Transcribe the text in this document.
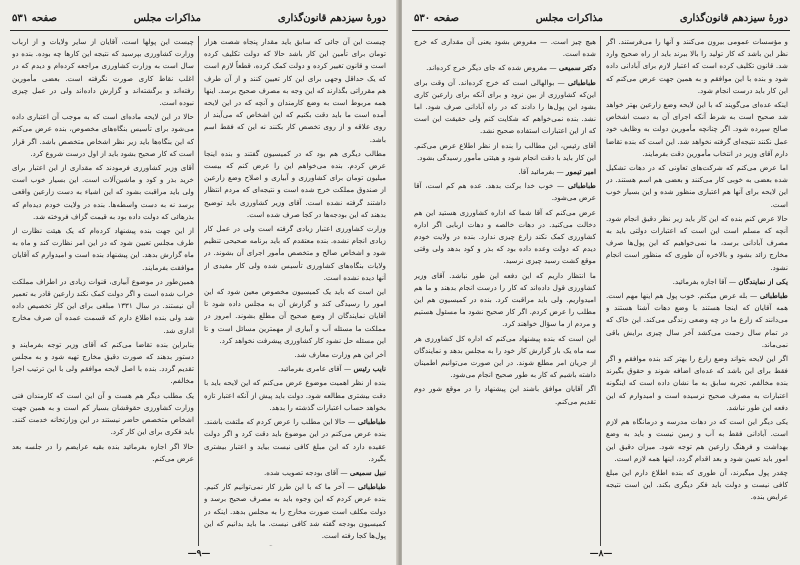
دورهٔ سیزدهم قانون‌گذاری
مذاکرات مجلس
صفحه ۵۳۱

چیست این آن جائی که سابق باید مقدار پنجاه شصت هزار تومان برای تأمین این کار باشد حالا که دولت تکلیف کرده است و قانون تغییر کرده و دولت کمک کرده، قطعاً لازم است که یک حداقل وجهی برای این کار تعیین کنند و از آن طرف هم مقرراتی بگذارند که این وجه به مصرف صحیح برسد. اینها همه مربوط است به وضع کارمندان و آنچه که در این لایحه آمده است ما باید دقت بکنیم که این اشخاص که می‌آیند از روی علاقه و از روی تخصص کار بکنند نه این که فقط اسم باشد.

مطالب دیگری هم بود که در کمیسیون گفتند و بنده اینجا عرض کردم. بنده می‌خواهم این را عرض کنم که بیست میلیون تومان برای کشاورزی و آبیاری و اصلاح وضع زارعین از صندوق مملکت خرج شده است و نتیجه‌ای که مردم انتظار داشتند گرفته نشده است. آقای وزیر کشاورزی باید توضیح بدهند که این بودجه‌ها در کجا صرف شده است.

وزارت کشاورزی اعتبار زیادی گرفته است ولی در عمل کار زیادی انجام نشده. بنده معتقدم که باید برنامه صحیحی تنظیم شود و اشخاص صالح و متخصص مأمور اجرای آن بشوند. در ولایات بنگاه‌های کشاورزی تأسیس شده ولی کار مفیدی از آنها دیده نشده است.

این است که باید یک کمیسیون مخصوص معین شود که این امور را رسیدگی کند و گزارش آن به مجلس داده شود تا آقایان نمایندگان از وضع صحیح آن مطلع بشوند. امروز در مملکت ما مسئله آب و آبیاری از مهمترین مسائل است و تا این مسئله حل نشود کار کشاورزی پیشرفت نخواهد کرد.

آخر این هم وزارت معارف شد.

نایب رئیس — آقای عامری بفرمائید.

بنده از نظر اهمیت موضوع عرض می‌کنم که این لایحه باید با دقت بیشتری مطالعه شود. دولت باید پیش از آنکه اعتبار تازه بخواهد حساب اعتبارات گذشته را بدهد.

طباطبائی — حالا این مطلب را عرض کردم که ملتفت باشند. بنده عرض می‌کنم در این موضوع باید دقت کرد و اگر دولت عقیده دارد که این مبلغ کافی نیست بیاید و اعتبار بیشتری بگیرد.

نبیل سمیعی — آقای بودجه تصویب شده.

طباطبائی — آخر ما که با این طرز کار نمی‌توانیم کار کنیم. بنده عرض کردم که این وجوه باید به مصرف صحیح برسد و دولت مکلف است صورت مخارج را به مجلس بدهد. اینکه در کمیسیون بودجه گفته شد کافی نیست. ما باید بدانیم که این پول‌ها کجا رفته است.

چیست این پولها است، آقایان از سایر ولایات و از ارباب وزارت کشاورزی بپرسید که نتیجه این کارها چه بوده. بنده دو سال است به وزارت کشاورزی مراجعه کرده‌ام و دیدم که در اغلب نقاط کاری صورت نگرفته است. بعضی مأمورین رفته‌اند و برگشته‌اند و گزارش داده‌اند ولی در عمل چیزی نبوده است.

حالا در این لایحه ماده‌ای است که به موجب آن اعتباری داده می‌شود برای تأسیس بنگاه‌های مخصوص، بنده عرض می‌کنم که این بنگاه‌ها باید زیر نظر اشخاص متخصص باشد. اگر قرار است که کار صحیح بشود باید از اول درست شروع کرد.

آقای وزیر کشاورزی فرمودند که مقداری از این اعتبار برای خرید بذر و کود و ماشین‌آلات است. این بسیار خوب است ولی باید مراقبت بشود که این اشیاء به دست زارعین واقعی برسد نه به دست واسطه‌ها. بنده در ولایت خودم دیده‌ام که بذرهائی که دولت داده بود به قیمت گزاف فروخته شد.

از این جهت بنده پیشنهاد کرده‌ام که یک هیئت نظارت از طرف مجلس تعیین شود که در این امر نظارت کند و ماه به ماه گزارش بدهد. این پیشنهاد بنده است و امیدوارم که آقایان موافقت بفرمایند.

همین‌طور در موضوع آبیاری، قنوات زیادی در اطراف مملکت خراب شده است و اگر دولت کمک نکند زارعین قادر به تعمیر آن نیستند. در سال ۱۳۳۱ مبلغی برای این کار تخصیص داده شد ولی بنده اطلاع دارم که قسمت عمده آن صرف مخارج اداری شد.

بنابراین بنده تقاضا می‌کنم که آقای وزیر توجه بفرمایند و دستور بدهند که صورت دقیق مخارج تهیه شود و به مجلس تقدیم گردد. بنده با اصل لایحه موافقم ولی با این ترتیب اجرا مخالفم.

یک مطلب دیگر هم هست و آن این است که کارمندان فنی وزارت کشاورزی حقوقشان بسیار کم است و به همین جهت اشخاص متخصص حاضر نیستند در این وزارتخانه خدمت کنند. باید فکری برای این کار کرد.

حالا اگر اجازه بفرمائید بنده بقیه عرایضم را در جلسه بعد عرض می‌کنم.

—۹—
دورهٔ سیزدهم قانون‌گذاری
مذاکرات مجلس
صفحه ۵۳۰

و مؤسسات عمومی بیرون می‌کنند و آنها را می‌فرستند. اگر نظر این باشد که کار تولید را بالا ببرند باید از راه صحیح وارد شد. قانون تکلیف کرده است که اعتبار لازم برای آبادانی داده شود و بنده با این موافقم و به همین جهت عرض می‌کنم که این کار باید درست انجام شود.

اینکه عده‌ای می‌گویند که با این لایحه وضع زارعین بهتر خواهد شد صحیح است به شرط آنکه اجرای آن به دست اشخاص صالح سپرده شود. اگر چنانچه مأمورین دولت به وظایف خود عمل نکنند نتیجه‌ای گرفته نخواهد شد. این است که بنده تقاضا دارم آقای وزیر در انتخاب مأمورین دقت بفرمایند.

اما عرض می‌کنم که شرکت‌های تعاونی که در دهات تشکیل شده بعضی به خوبی کار می‌کنند و بعضی هم اسم هستند. در این لایحه برای آنها هم اعتباری منظور شده و این بسیار خوب است.

حالا عرض کنم بنده که این کار باید زیر نظر دقیق انجام شود. آنچه که مسلم است این است که اعتبارات دولتی باید به مصرف آبادانی برسد، ما نمی‌خواهیم که این پول‌ها صرف مخارج زائد بشود و بالاخره آن طوری که منظور است انجام نشود.

یکی از نمایندگان — آقا اجازه بفرمائید.

طباطبائی — بله عرض میکنم. خوب پول هم اینها مهم است. همه آقایان که اینجا هستند با وضع دهات آشنا هستند و می‌دانند که زارع ما در چه وضعی زندگی می‌کند. این خاک که در تمام سال زحمت می‌کشد آخر سال چیزی برایش باقی نمی‌ماند.

اگر این لایحه بتواند وضع زارع را بهتر کند بنده موافقم و اگر فقط برای این باشد که عده‌ای اضافه شوند و حقوق بگیرند بنده مخالفم. تجربه سابق به ما نشان داده است که اینگونه اعتبارات به مصرف صحیح نرسیده است و امیدوارم که این دفعه این طور نباشد.

یکی دیگر این است که در دهات مدرسه و درمانگاه هم لازم است. آبادانی فقط به آب و زمین نیست و باید به وضع بهداشت و فرهنگ زارعین هم توجه شود. میزان دقیق این امور باید تعیین شود و بعد اقدام گردد، اینها همه لازم است.

چقدر پول میگیرند، آن طوری که بنده اطلاع دارم این مبلغ کافی نیست و دولت باید فکر دیگری بکند. این است نتیجه عرایض بنده.

هیچ چیز است. — مفروض بشود یعنی آن مقداری که خرج شده است.

دکتر سمیعی — مفروض شده که جای دیگر خرج کرده‌اند.

طباطبائی — بوالهالی است که خرج کرده‌اند. آن وقت برای این‌که کشاورزی از بین نرود و برای آنکه برای زارعین کاری بشود این پول‌ها را دادند که در راه آبادانی صرف شود. اما نشد. بنده نمی‌خواهم که شکایت کنم ولی حقیقت این است که از این اعتبارات استفاده صحیح نشد.

آقای رئیس، این مطالب را بنده از نظر اطلاع عرض می‌کنم. این کار باید با دقت انجام شود و هیئتی مأمور رسیدگی بشود.

امیر تیمور — بفرمائید آقا.

طباطبائی — خوب خدا برکت بدهد. عده هم کم است، آقا عرض می‌شود.

عرض می‌کنم که آقا شما که اداره کشاورزی هستید این هم دخالت می‌کنید. در دهات خالصه و دهات اربابی اگر اداره کشاورزی کمک نکند زارع چیزی ندارد. بنده در ولایت خودم دیدم که دولت وعده داده بود که بذر و کود بدهد ولی وقتی موقع کشت رسید چیزی نرسید.

ما انتظار داریم که این دفعه این طور نباشد. آقای وزیر کشاورزی قول داده‌اند که کار را درست انجام بدهند و ما هم امیدواریم. ولی باید مراقبت کرد. بنده در کمیسیون هم این مطلب را عرض کردم. اگر کار صحیح نشود ما مسئول هستیم و مردم از ما سؤال خواهند کرد.

این است که بنده پیشنهاد می‌کنم که اداره کل کشاورزی هر سه ماه یک بار گزارش کار خود را به مجلس بدهد و نمایندگان از جریان امر مطلع شوند. در این صورت می‌توانیم اطمینان داشته باشیم که کار به طور صحیح انجام می‌شود.

اگر آقایان موافق باشند این پیشنهاد را در موقع شور دوم تقدیم می‌کنم.

—۸—
